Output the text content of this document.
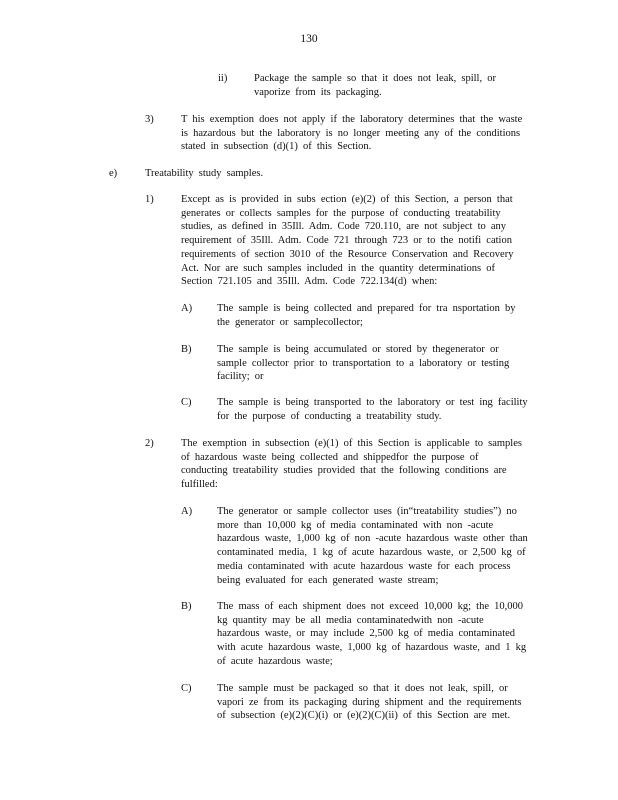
130
ii)	Package the sample so that it does not leak, spill, or
vaporize from its packaging.
3)	T his exemption does not apply if the laboratory determines that the waste
is hazardous but the laboratory is no longer meeting any of the conditions
stated in subsection (d)(1) of this Section.
e)	Treatability study samples.
1)	Except as is provided in subs ection (e)(2) of this Section, a person that
generates or collects samples for the purpose of conducting treatability
studies, as defined in 35Ill. Adm. Code 720.110, are not subject to any
requirement of 35Ill. Adm. Code 721 through 723 or to the notifi cation
requirements of section 3010 of the Resource Conservation and Recovery
Act. Nor are such samples included in the quantity determinations of
Section 721.105 and 35Ill. Adm. Code 722.134(d) when:
A) The sample is being collected and prepared for tra nsportation by
the generator or samplecollector;
B) The sample is being accumulated or stored by thegenerator or
sample collector prior to transportation to a laboratory or testing
facility; or
C) The sample is being transported to the laboratory or test ing facility
for the purpose of conducting a treatability study.
2)	The exemption in subsection (e)(1) of this Section is applicable to samples
of hazardous waste being collected and shippedfor the purpose of
conducting treatability studies provided that the following conditions are
fulfilled:
A) The generator or sample collector uses (in“treatability studies”) no
more than 10,000 kg of media contaminated with non -acute
hazardous waste, 1,000 kg of non -acute hazardous waste other than
contaminated media, 1 kg of acute hazardous waste, or 2,500 kg of
media contaminated with acute hazardous waste for each process
being evaluated for each generated waste stream;
B) The mass of each shipment does not exceed 10,000 kg; the 10,000
kg quantity may be all media contaminatedwith non -acute
hazardous waste, or may include 2,500 kg of media contaminated
with acute hazardous waste, 1,000 kg of hazardous waste, and 1 kg
of acute hazardous waste;
C) The sample must be packaged so that it does not leak, spill, or
vapori ze from its packaging during shipment and the requirements
of subsection (e)(2)(C)(i) or (e)(2)(C)(ii) of this Section are met.
